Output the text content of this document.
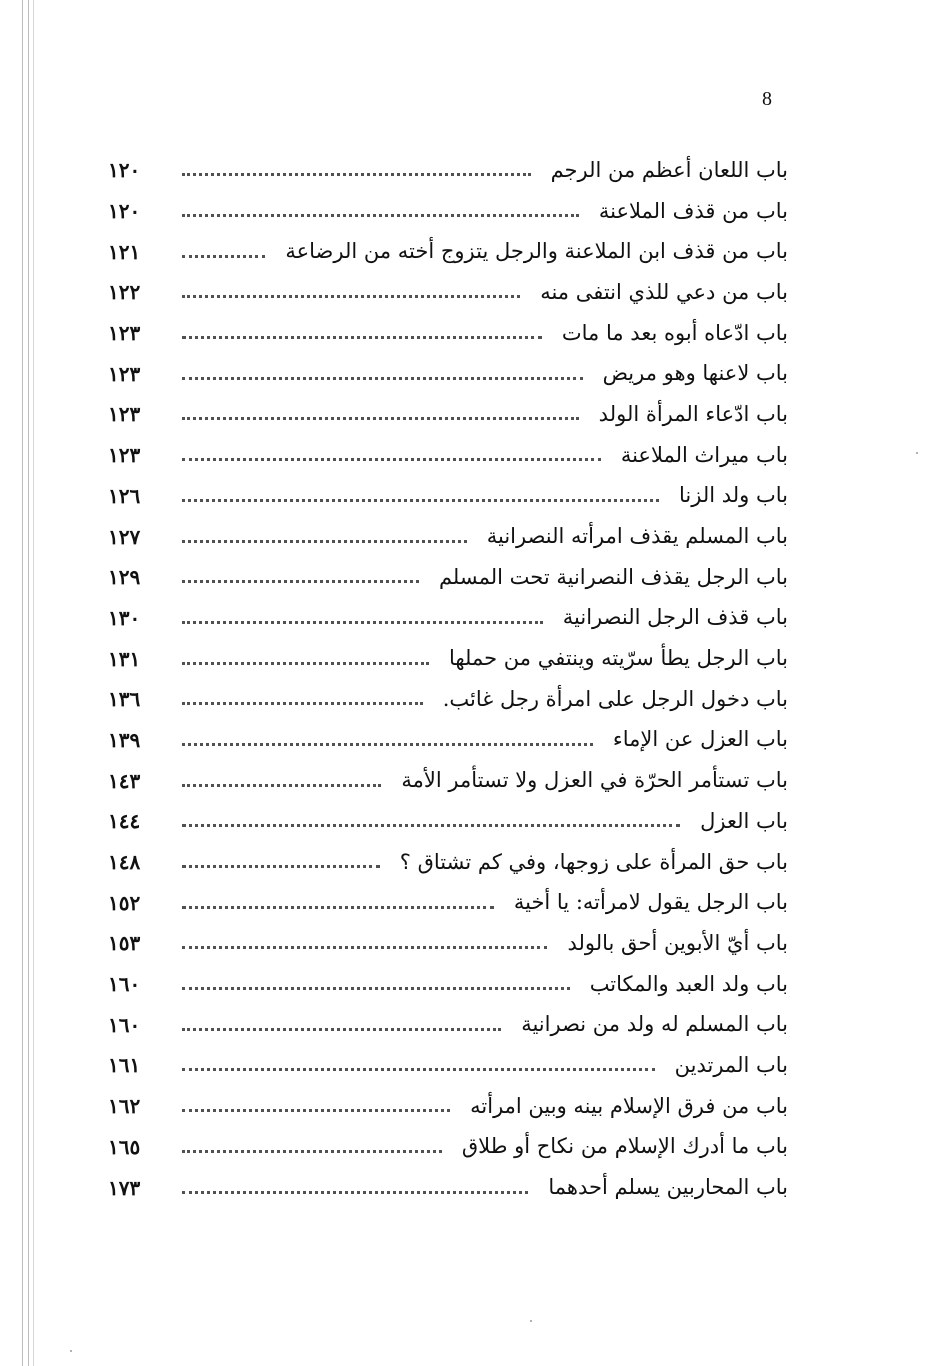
8
باب اللعان أعظم من الرجم
١٢٠
باب من قذف الملاعنة
١٢٠
باب من قذف ابن الملاعنة والرجل يتزوج أخته من الرضاعة
١٢١
باب من دعي للذي انتفى منه
١٢٢
باب ادّعاه أبوه بعد ما مات
١٢٣
باب لاعنها وهو مريض
١٢٣
باب ادّعاء المرأة الولد
١٢٣
باب ميراث الملاعنة
١٢٣
باب ولد الزنا
١٢٦
باب المسلم يقذف امرأته النصرانية
١٢٧
باب الرجل يقذف النصرانية تحت المسلم
١٢٩
باب قذف الرجل النصرانية
١٣٠
باب الرجل يطأ سرّيته وينتفي من حملها
١٣١
باب دخول الرجل على امرأة رجل غائب.
١٣٦
باب العزل عن الإماء
١٣٩
باب تستأمر الحرّة في العزل ولا تستأمر الأمة
١٤٣
باب العزل
١٤٤
باب حق المرأة على زوجها، وفي كم تشتاق ؟
١٤٨
باب الرجل يقول لامرأته: يا أخية
١٥٢
باب أيّ الأبوين أحق بالولد
١٥٣
باب ولد العبد والمكاتب
١٦٠
باب المسلم له ولد من نصرانية
١٦٠
باب المرتدين
١٦١
باب من فرق الإسلام بينه وبين امرأته
١٦٢
باب ما أدرك الإسلام من نكاح أو طلاق
١٦٥
باب المحاربين يسلم أحدهما
١٧٣
